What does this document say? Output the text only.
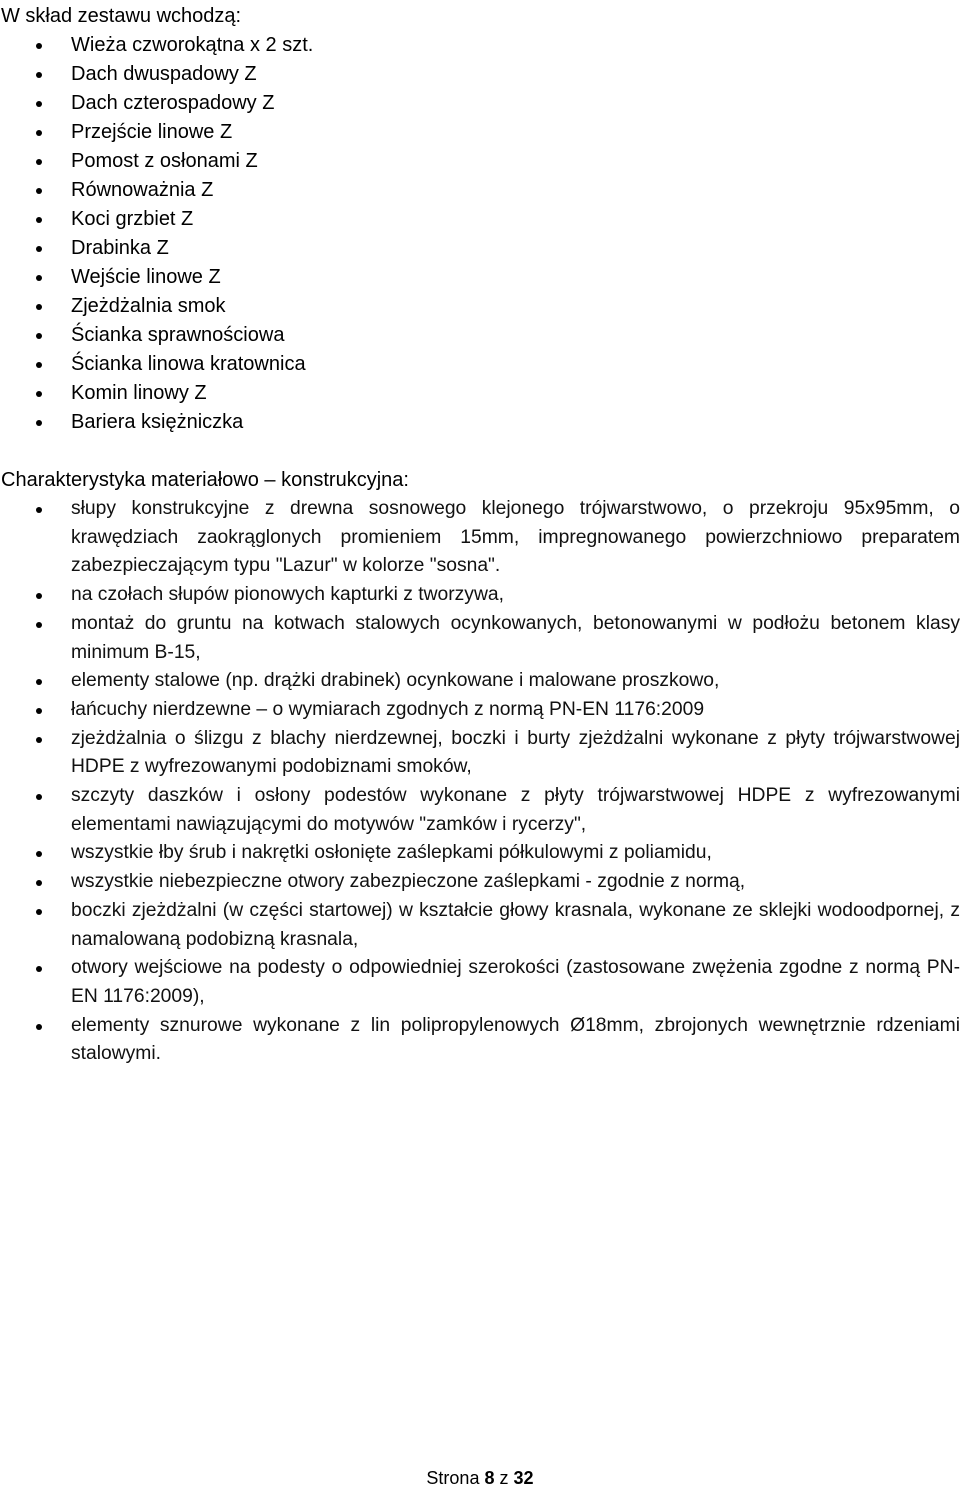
W skład zestawu wchodzą:

Wieża czworokątna x 2 szt.
Dach dwuspadowy Z
Dach czterospadowy Z
Przejście linowe Z
Pomost z osłonami Z
Równoważnia Z
Koci grzbiet Z
Drabinka Z
Wejście linowe Z
Zjeżdżalnia smok
Ścianka sprawnościowa
Ścianka linowa kratownica
Komin linowy Z
Bariera księżniczka

Charakterystyka materiałowo – konstrukcyjna:

słupy konstrukcyjne z drewna sosnowego klejonego trójwarstwowo, o przekroju 95x95mm, o krawędziach zaokrąglonych promieniem 15mm, impregnowanego powierzchniowo preparatem zabezpieczającym typu "Lazur" w kolorze "sosna".
na czołach słupów pionowych kapturki z tworzywa,
montaż do gruntu na kotwach stalowych ocynkowanych, betonowanymi w podłożu betonem klasy minimum B-15,
elementy stalowe (np. drążki drabinek) ocynkowane i malowane proszkowo,
łańcuchy nierdzewne – o wymiarach zgodnych z normą PN-EN 1176:2009
zjeżdżalnia o ślizgu z blachy nierdzewnej, boczki i burty zjeżdżalni wykonane z płyty trójwarstwowej HDPE z wyfrezowanymi podobiznami smoków,
szczyty daszków i osłony podestów wykonane z płyty trójwarstwowej HDPE z wyfrezowanymi elementami nawiązującymi do motywów "zamków i rycerzy",
wszystkie łby śrub i nakrętki osłonięte zaślepkami półkulowymi z poliamidu,
wszystkie niebezpieczne otwory zabezpieczone zaślepkami - zgodnie z normą,
boczki zjeżdżalni (w części startowej) w kształcie głowy krasnala, wykonane ze sklejki wodoodpornej, z namalowaną podobizną krasnala,
otwory wejściowe na podesty o odpowiedniej szerokości (zastosowane zwężenia zgodne z normą PN-EN 1176:2009),
elementy sznurowe wykonane z lin polipropylenowych Ø18mm, zbrojonych wewnętrznie rdzeniami stalowymi.
Strona 8 z 32
